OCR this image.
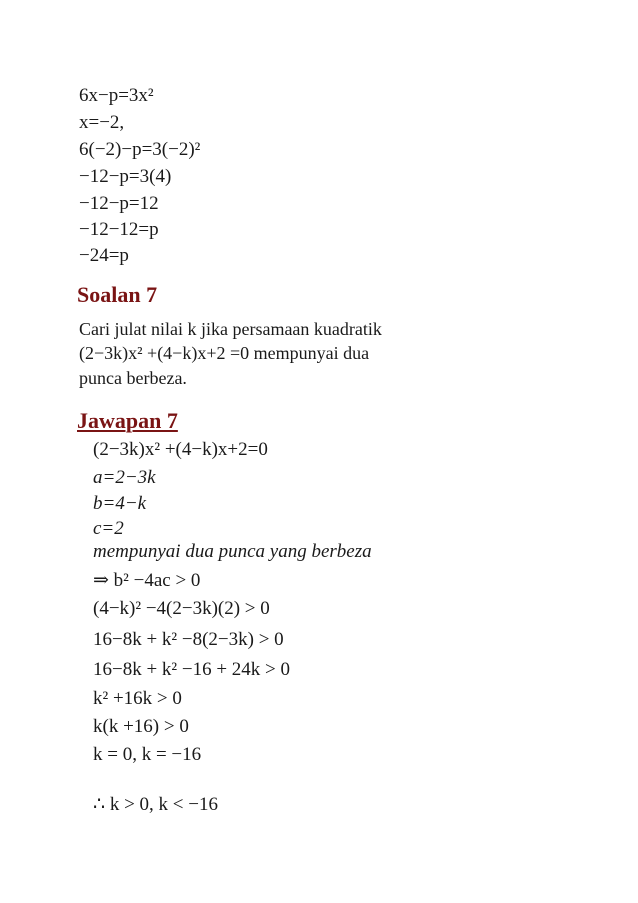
6x−p=3x²
x=−2,
6(−2)−p=3(−2)²
−12−p=3(4)
−12−p=12
−12−12=p
−24=p
Soalan 7
Cari julat nilai k jika persamaan kuadratik
(2−3k)x² +(4−k)x+2 =0 mempunyai dua
punca berbeza.
Jawapan 7
(2−3k)x² +(4−k)x+2=0
a=2−3k
b=4−k
c=2
mempunyai dua punca yang berbeza
⇒ b² −4ac > 0
(4−k)² −4(2−3k)(2) > 0
16−8k + k² −8(2−3k) > 0
16−8k + k² −16 + 24k > 0
k² +16k > 0
k(k +16) > 0
k = 0, k = −16
∴ k > 0, k < −16
